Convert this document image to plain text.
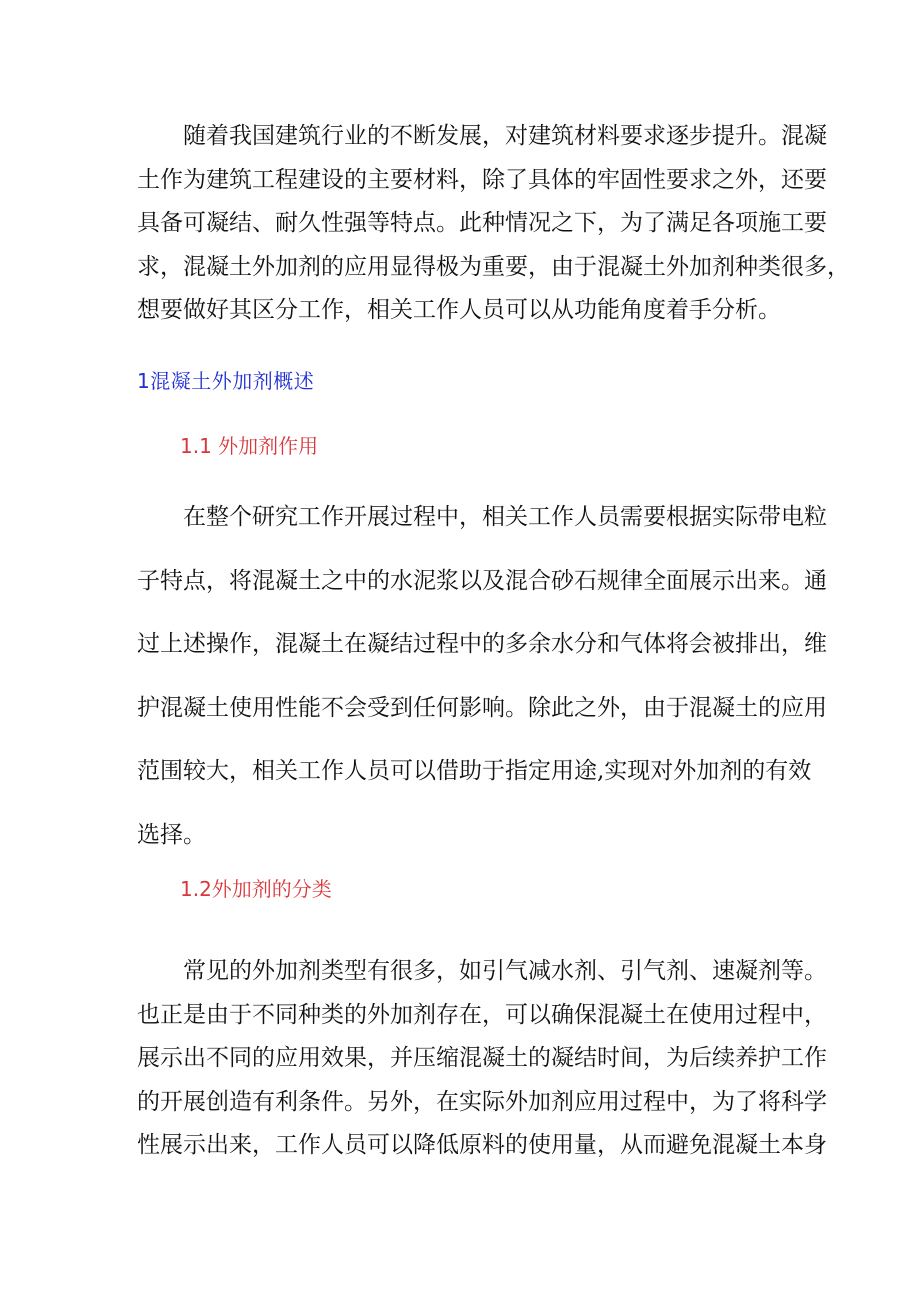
随着我国建筑行业的不断发展，对建筑材料要求逐步提升。混凝
土作为建筑工程建设的主要材料，除了具体的牢固性要求之外，还要
具备可凝结、耐久性强等特点。此种情况之下，为了满足各项施工要
求，混凝土外加剂的应用显得极为重要，由于混凝土外加剂种类很多，
想要做好其区分工作，相关工作人员可以从功能角度着手分析。

1混凝土外加剂概述
1.1 外加剂作用

在整个研究工作开展过程中，相关工作人员需要根据实际带电粒
子特点，将混凝土之中的水泥浆以及混合砂石规律全面展示出来。通
过上述操作，混凝土在凝结过程中的多余水分和气体将会被排出，维
护混凝土使用性能不会受到任何影响。除此之外，由于混凝土的应用
范围较大，相关工作人员可以借助于指定用途,实现对外加剂的有效
选择。

1.2外加剂的分类

常见的外加剂类型有很多，如引气减水剂、引气剂、速凝剂等。
也正是由于不同种类的外加剂存在，可以确保混凝土在使用过程中，
展示出不同的应用效果，并压缩混凝土的凝结时间，为后续养护工作
的开展创造有利条件。另外，在实际外加剂应用过程中，为了将科学
性展示出来，工作人员可以降低原料的使用量，从而避免混凝土本身
